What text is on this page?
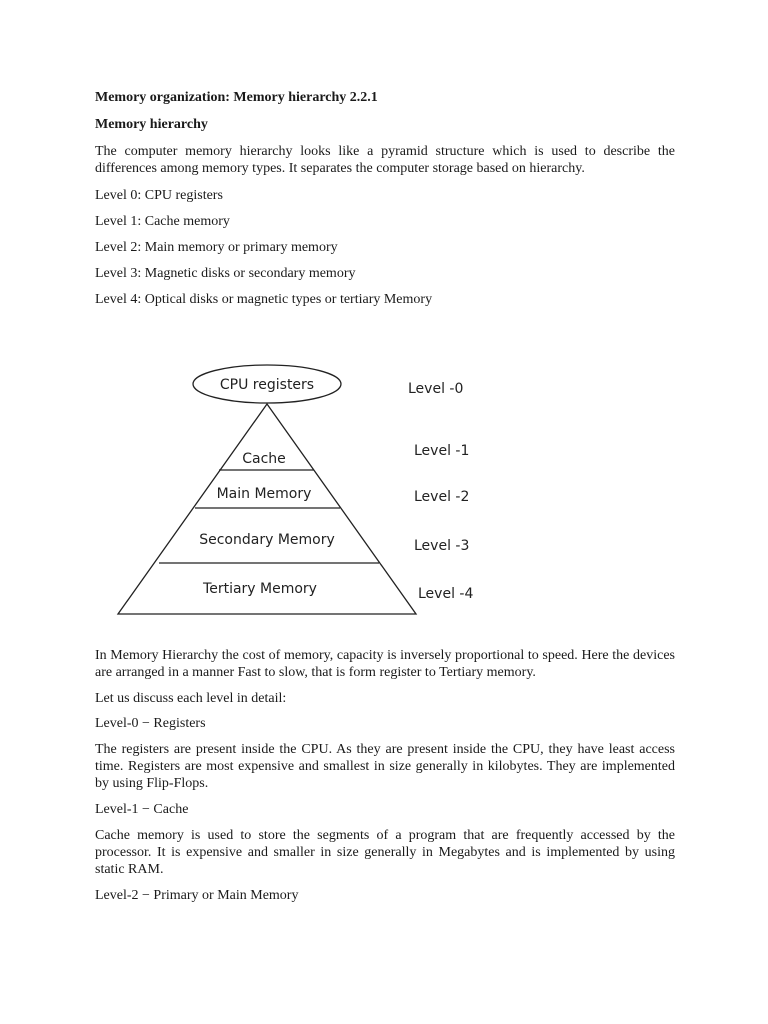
Memory organization: Memory hierarchy 2.2.1
Memory hierarchy
The computer memory hierarchy looks like a pyramid structure which is used to describe the differences among memory types. It separates the computer storage based on hierarchy.
Level 0: CPU registers
Level 1: Cache memory
Level 2: Main memory or primary memory
Level 3: Magnetic disks or secondary memory
Level 4: Optical disks or magnetic types or tertiary Memory
CPU registers
Cache
Main Memory
Secondary Memory
Tertiary Memory
Level -0
Level -1
Level -2
Level -3
Level -4
In Memory Hierarchy the cost of memory, capacity is inversely proportional to speed. Here the devices are arranged in a manner Fast to slow, that is form register to Tertiary memory.
Let us discuss each level in detail:
Level-0 − Registers
The registers are present inside the CPU. As they are present inside the CPU, they have least access time. Registers are most expensive and smallest in size generally in kilobytes. They are implemented by using Flip-Flops.
Level-1 − Cache
Cache memory is used to store the segments of a program that are frequently accessed by the processor. It is expensive and smaller in size generally in Megabytes and is implemented by using static RAM.
Level-2 − Primary or Main Memory
